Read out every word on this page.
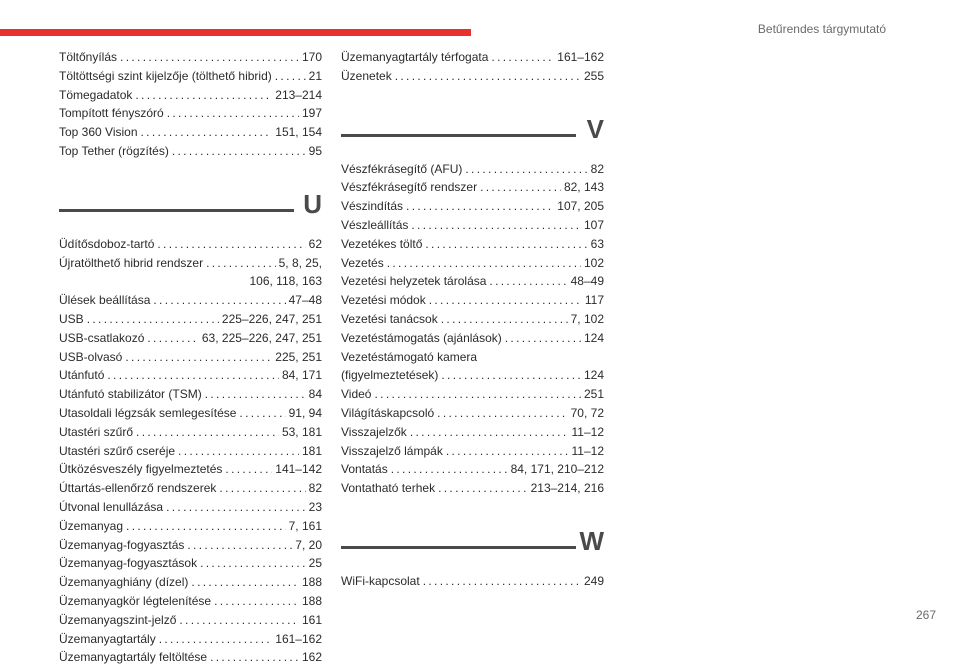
Betűrendes tárgymutató
Töltőnyílás . . .	170
Töltöttségi szint kijelzője (tölthető hibrid) . . .	21
Tömegadatok . . .	213–214
Tompított fényszóró . . .	197
Top 360 Vision . . .	151, 154
Top Tether (rögzítés) . . .	95
U
Üdítősdoboz-tartó . . .	62
Újratölthető hibrid rendszer . . .	5, 8, 25,
106, 118, 163
Ülések beállítása . . .	47–48
USB . . .	225–226, 247, 251
USB-csatlakozó . . .	63, 225–226, 247, 251
USB-olvasó . . .	225, 251
Utánfutó . . .	84, 171
Utánfutó stabilizátor (TSM) . . .	84
Utasoldali légzsák semlegesítése . . .	91, 94
Utastéri szűrő . . .	53, 181
Utastéri szűrő cseréje . . .	181
Ütközésveszély figyelmeztetés . . .	141–142
Úttartás-ellenőrző rendszerek . . .	82
Útvonal lenullázása . . .	23
Üzemanyag . . .	7, 161
Üzemanyag-fogyasztás . . .	7, 20
Üzemanyag-fogyasztások . . .	25
Üzemanyaghiány (dízel) . . .	188
Üzemanyagkör légtelenítése . . .	188
Üzemanyagszint-jelző . . .	161
Üzemanyagtartály . . .	161–162
Üzemanyagtartály feltöltése . . .	162
Üzemanyagtartály térfogata . . .	161–162
Üzenetek . . .	255
V
Vészfékrásegítő (AFU) . . .	82
Vészfékrásegítő rendszer . . .	82, 143
Vészindítás . . .	107, 205
Vészleállítás . . .	107
Vezetékes töltő . . .	63
Vezetés . . .	102
Vezetési helyzetek tárolása . . .	48–49
Vezetési módok . . .	117
Vezetési tanácsok . . .	7, 102
Vezetéstámogatás (ajánlások) . . .	124
Vezetéstámogató kamera
(figyelmeztetések) . . .	124
Videó . . .	251
Világításkapcsoló . . .	70, 72
Visszajelzők . . .	11–12
Visszajelző lámpák . . .	11–12
Vontatás . . .	84, 171, 210–212
Vontatható terhek . . .	213–214, 216
W
WiFi-kapcsolat . . .	249
267
